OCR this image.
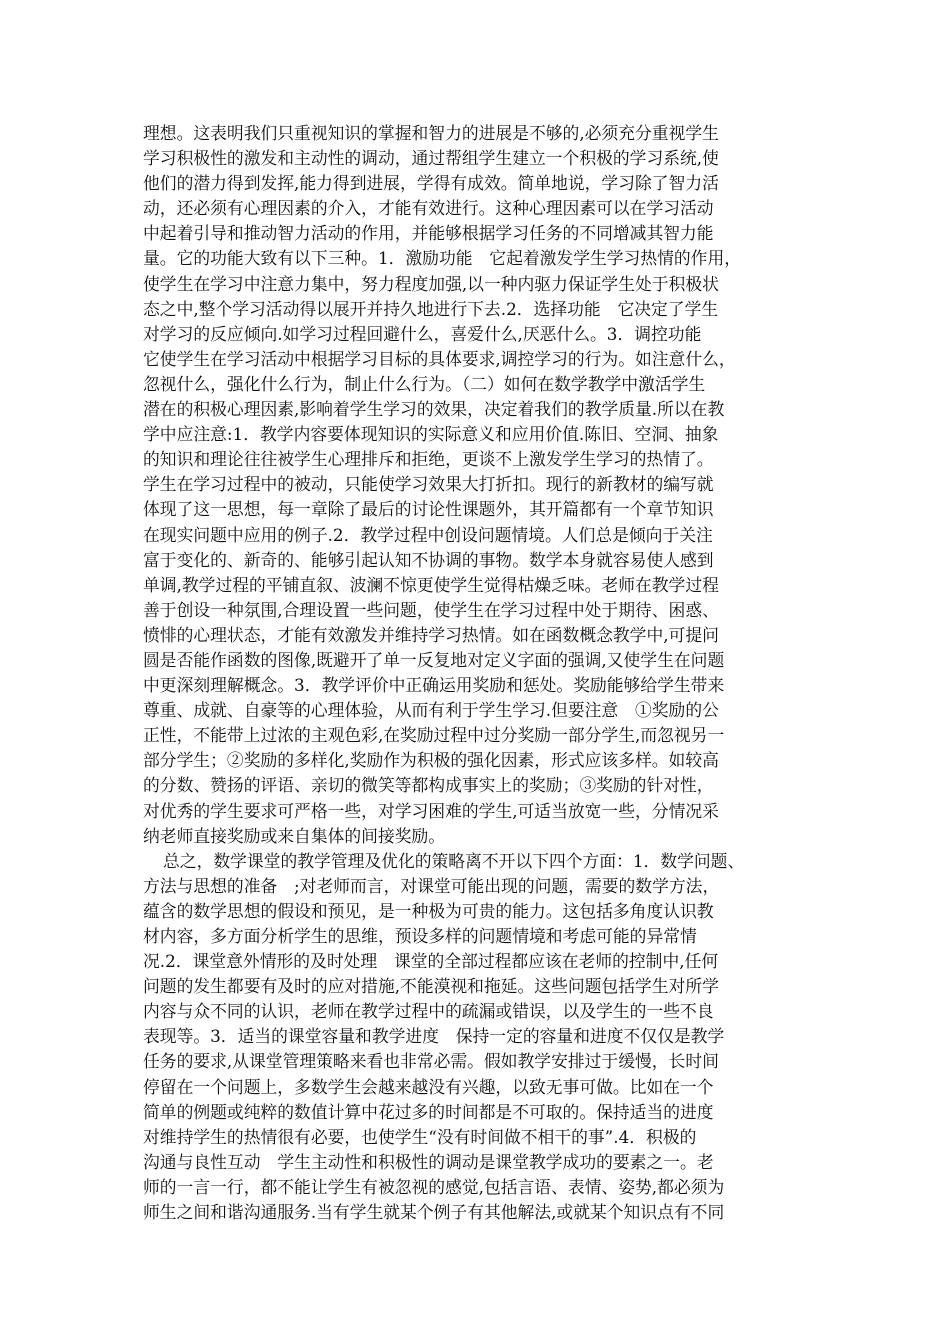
理想。这表明我们只重视知识的掌握和智力的进展是不够的,必须充分重视学生
学习积极性的激发和主动性的调动，通过帮组学生建立一个积极的学习系统,使
他们的潜力得到发挥,能力得到进展，学得有成效。简单地说，学习除了智力活
动，还必须有心理因素的介入，才能有效进行。这种心理因素可以在学习活动
中起着引导和推动智力活动的作用，并能够根据学习任务的不同增减其智力能
量。它的功能大致有以下三种。1．激励功能　它起着激发学生学习热情的作用，
使学生在学习中注意力集中，努力程度加强,以一种内驱力保证学生处于积极状
态之中,整个学习活动得以展开并持久地进行下去.2．选择功能　它决定了学生
对学习的反应倾向.如学习过程回避什么，喜爱什么,厌恶什么。3．调控功能
它使学生在学习活动中根据学习目标的具体要求,调控学习的行为。如注意什么，
忽视什么，强化什么行为，制止什么行为。（二）如何在数学教学中激活学生
潜在的积极心理因素,影响着学生学习的效果，决定着我们的教学质量.所以在教
学中应注意:1．教学内容要体现知识的实际意义和应用价值.陈旧、空洞、抽象
的知识和理论往往被学生心理排斥和拒绝，更谈不上激发学生学习的热情了。
学生在学习过程中的被动，只能使学习效果大打折扣。现行的新教材的编写就
体现了这一思想，每一章除了最后的讨论性课题外，其开篇都有一个章节知识
在现实问题中应用的例子.2．教学过程中创设问题情境。人们总是倾向于关注
富于变化的、新奇的、能够引起认知不协调的事物。数学本身就容易使人感到
单调,教学过程的平铺直叙、波澜不惊更使学生觉得枯燥乏味。老师在教学过程
善于创设一种氛围,合理设置一些问题，使学生在学习过程中处于期待、困惑、
愤悱的心理状态，才能有效激发并维持学习热情。如在函数概念教学中,可提问
圆是否能作函数的图像,既避开了单一反复地对定义字面的强调,又使学生在问题
中更深刻理解概念。3．教学评价中正确运用奖励和惩处。奖励能够给学生带来
尊重、成就、自豪等的心理体验，从而有利于学生学习.但要注意　①奖励的公
正性，不能带上过浓的主观色彩,在奖励过程中过分奖励一部分学生,而忽视另一
部分学生；②奖励的多样化,奖励作为积极的强化因素，形式应该多样。如较高
的分数、赞扬的评语、亲切的微笑等都构成事实上的奖励；③奖励的针对性，
对优秀的学生要求可严格一些，对学习困难的学生,可适当放宽一些，分情况采
纳老师直接奖励或来自集体的间接奖励。
总之，数学课堂的教学管理及优化的策略离不开以下四个方面：1．数学问题、
方法与思想的准备　;对老师而言，对课堂可能出现的问题，需要的数学方法，
蕴含的数学思想的假设和预见，是一种极为可贵的能力。这包括多角度认识教
材内容，多方面分析学生的思维，预设多样的问题情境和考虑可能的异常情
况.2．课堂意外情形的及时处理　课堂的全部过程都应该在老师的控制中,任何
问题的发生都要有及时的应对措施,不能漠视和拖延。这些问题包括学生对所学
内容与众不同的认识，老师在教学过程中的疏漏或错误，以及学生的一些不良
表现等。3．适当的课堂容量和教学进度　保持一定的容量和进度不仅仅是教学
任务的要求,从课堂管理策略来看也非常必需。假如教学安排过于缓慢，长时间
停留在一个问题上，多数学生会越来越没有兴趣，以致无事可做。比如在一个
简单的例题或纯粹的数值计算中花过多的时间都是不可取的。保持适当的进度
对维持学生的热情很有必要，也使学生“没有时间做不相干的事”.4．积极的
沟通与良性互动　学生主动性和积极性的调动是课堂教学成功的要素之一。老
师的一言一行，都不能让学生有被忽视的感觉,包括言语、表情、姿势,都必须为
师生之间和谐沟通服务.当有学生就某个例子有其他解法,或就某个知识点有不同
